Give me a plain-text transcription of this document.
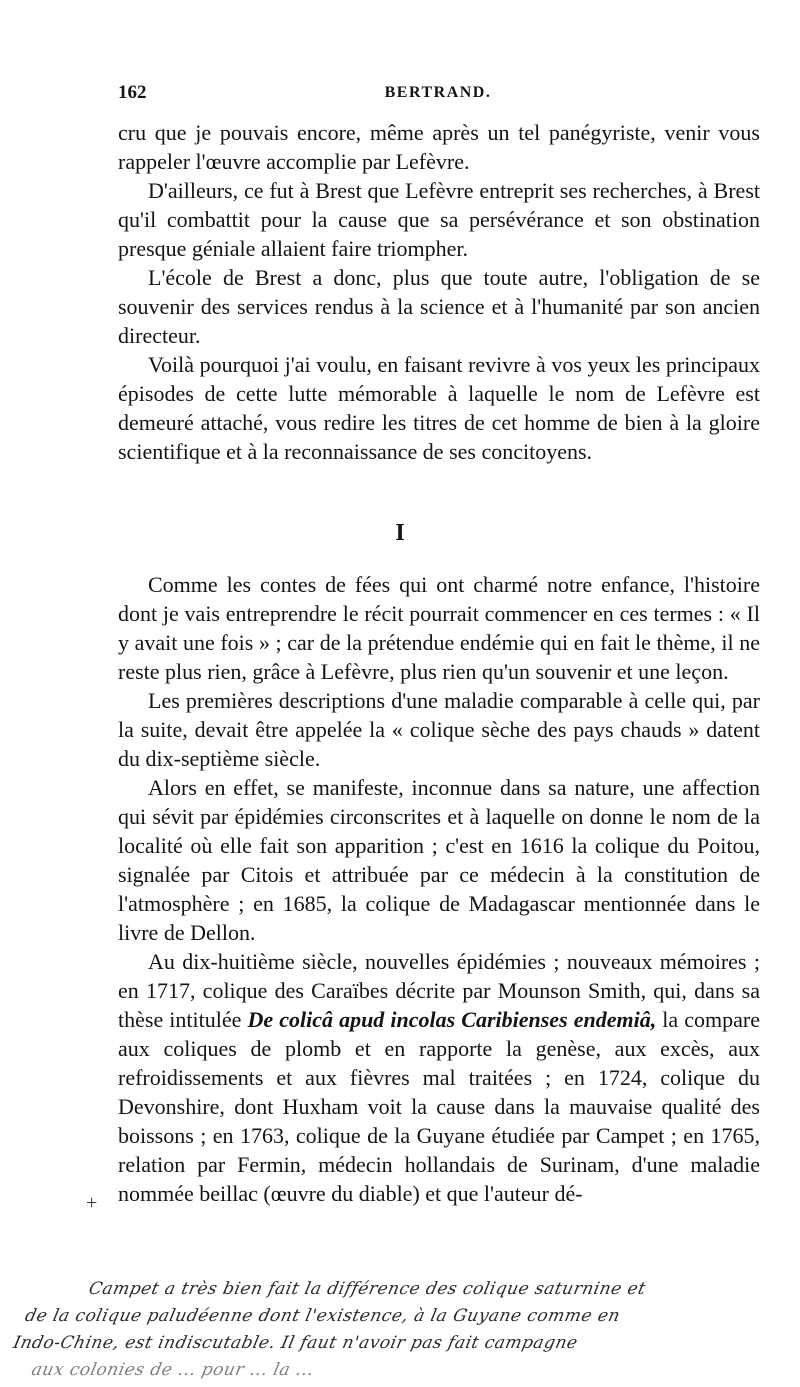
162	BERTRAND.

cru que je pouvais encore, même après un tel panégyriste, venir vous rappeler l'œuvre accomplie par Lefèvre.

D'ailleurs, ce fut à Brest que Lefèvre entreprit ses recherches, à Brest qu'il combattit pour la cause que sa persévérance et son obstination presque géniale allaient faire triompher.

L'école de Brest a donc, plus que toute autre, l'obligation de se souvenir des services rendus à la science et à l'humanité par son ancien directeur.

Voilà pourquoi j'ai voulu, en faisant revivre à vos yeux les principaux épisodes de cette lutte mémorable à laquelle le nom de Lefèvre est demeuré attaché, vous redire les titres de cet homme de bien à la gloire scientifique et à la reconnaissance de ses concitoyens.

I

Comme les contes de fées qui ont charmé notre enfance, l'histoire dont je vais entreprendre le récit pourrait commencer en ces termes : « Il y avait une fois » ; car de la prétendue endémie qui en fait le thème, il ne reste plus rien, grâce à Lefèvre, plus rien qu'un souvenir et une leçon.

Les premières descriptions d'une maladie comparable à celle qui, par la suite, devait être appelée la « colique sèche des pays chauds » datent du dix-septième siècle.

Alors en effet, se manifeste, inconnue dans sa nature, une affection qui sévit par épidémies circonscrites et à laquelle on donne le nom de la localité où elle fait son apparition ; c'est en 1616 la colique du Poitou, signalée par Citois et attribuée par ce médecin à la constitution de l'atmosphère ; en 1685, la colique de Madagascar mentionnée dans le livre de Dellon.

Au dix-huitième siècle, nouvelles épidémies ; nouveaux mémoires ; en 1717, colique des Caraïbes décrite par Mounson Smith, qui, dans sa thèse intitulée De colicâ apud incolas Caribienses endemiâ, la compare aux coliques de plomb et en rapporte la genèse, aux excès, aux refroidissements et aux fièvres mal traitées ; en 1724, colique du Devonshire, dont Huxham voit la cause dans la mauvaise qualité des boissons ; en 1763, colique de la Guyane étudiée par Campet ; en 1765, relation par Fermin, médecin hollandais de Surinam, d'une maladie nommée beillac (œuvre du diable) et que l'auteur dé-

+
Campet a très bien fait la différence des colique saturnine et
de la colique paludéenne dont l'existence, à la Guyane comme en
Indo-Chine, est indiscutable. Il faut n'avoir pas fait campagne
aux colonies de ... pour ... la ...
